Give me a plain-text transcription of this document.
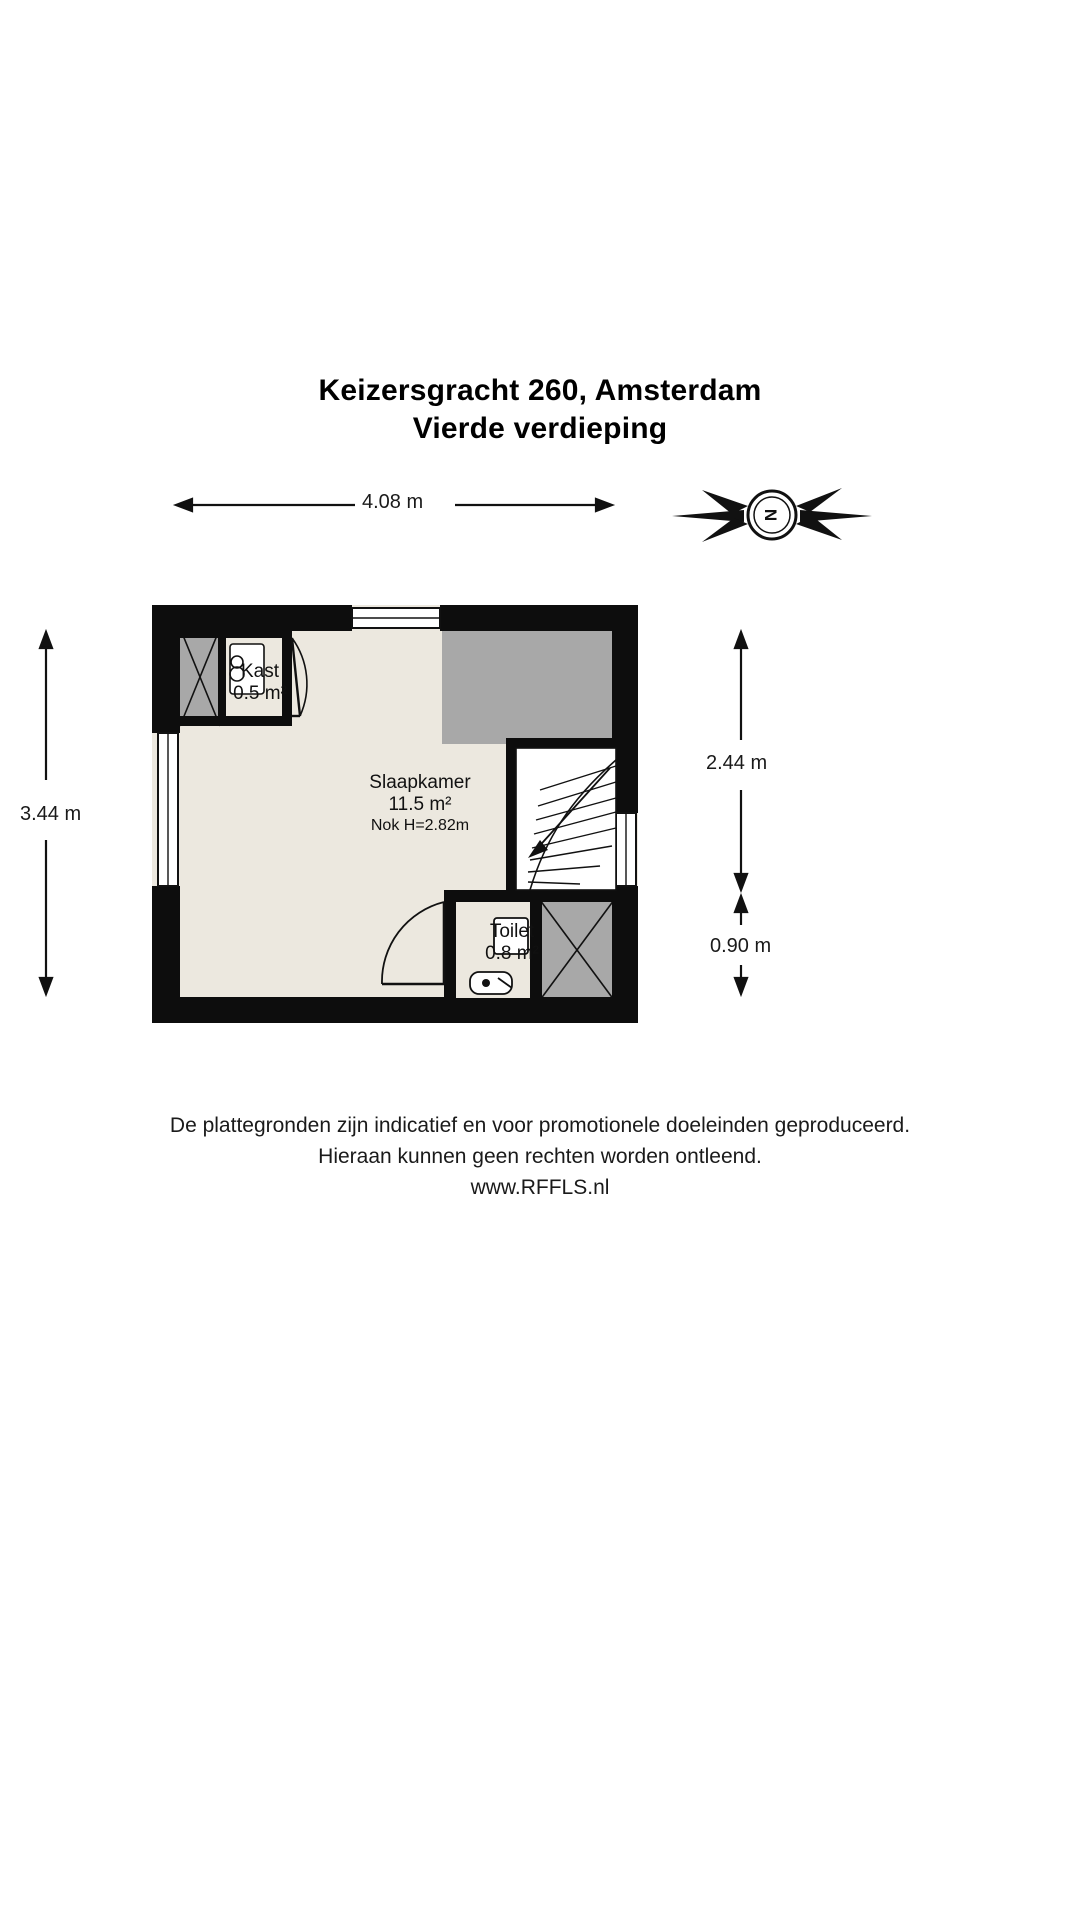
Keizersgracht 260, Amsterdam
Vierde verdieping
4.08 m
3.44 m
2.44 m
0.90 m
N
Slaapkamer
11.5 m²
Nok H=2.82m
Kast
0.5 m²
Toilet
0.8 m²
De plattegronden zijn indicatief en voor promotionele doeleinden geproduceerd.
Hieraan kunnen geen rechten worden ontleend.
www.RFFLS.nl
